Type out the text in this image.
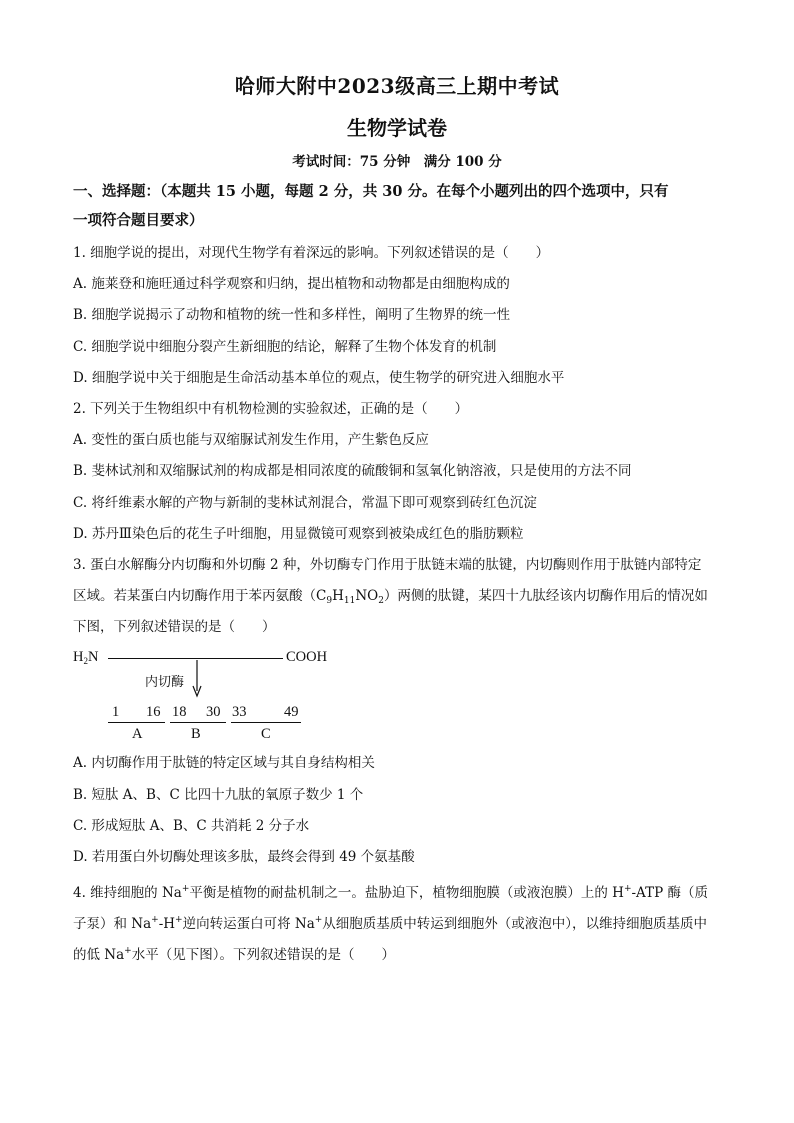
哈师大附中2023级高三上期中考试
生物学试卷
考试时间：75 分钟　满分 100 分
一、选择题：（本题共 15 小题，每题 2 分，共 30 分。在每个小题列出的四个选项中，只有
一项符合题目要求）
1. 细胞学说的提出，对现代生物学有着深远的影响。下列叙述错误的是（　　）
A. 施莱登和施旺通过科学观察和归纳，提出植物和动物都是由细胞构成的
B. 细胞学说揭示了动物和植物的统一性和多样性，阐明了生物界的统一性
C. 细胞学说中细胞分裂产生新细胞的结论，解释了生物个体发育的机制
D. 细胞学说中关于细胞是生命活动基本单位的观点，使生物学的研究进入细胞水平
2. 下列关于生物组织中有机物检测的实验叙述，正确的是（　　）
A. 变性的蛋白质也能与双缩脲试剂发生作用，产生紫色反应
B. 斐林试剂和双缩脲试剂的构成都是相同浓度的硫酸铜和氢氧化钠溶液，只是使用的方法不同
C. 将纤维素水解的产物与新制的斐林试剂混合，常温下即可观察到砖红色沉淀
D. 苏丹Ⅲ染色后的花生子叶细胞，用显微镜可观察到被染成红色的脂肪颗粒
3. 蛋白水解酶分内切酶和外切酶 2 种，外切酶专门作用于肽链末端的肽键，内切酶则作用于肽链内部特定
区域。若某蛋白内切酶作用于苯丙氨酸$(C_9H_{11}NO_2)$两侧的肽键，某四十九肽经该内切酶作用后的情况如
下图，下列叙述错误的是（　　）
$H_2N$	COOH
内切酶
1 16 18 30 33	49
A	B	C
A. 内切酶作用于肽链的特定区域与其自身结构相关
B. 短肽 A、B、C 比四十九肽的氧原子数少 1 个
C. 形成短肽 A、B、C 共消耗 2 分子水
D. 若用蛋白外切酶处理该多肽，最终会得到 49 个氨基酸
4. 维持细胞的 Na+平衡是植物的耐盐机制之一。盐胁迫下，植物细胞膜（或液泡膜）上的 H+-ATP 酶（质
子泵）和 Na+-H+逆向转运蛋白可将 Na+从细胞质基质中转运到细胞外（或液泡中），以维持细胞质基质中
的低 Na+水平（见下图）。下列叙述错误的是（　　）
